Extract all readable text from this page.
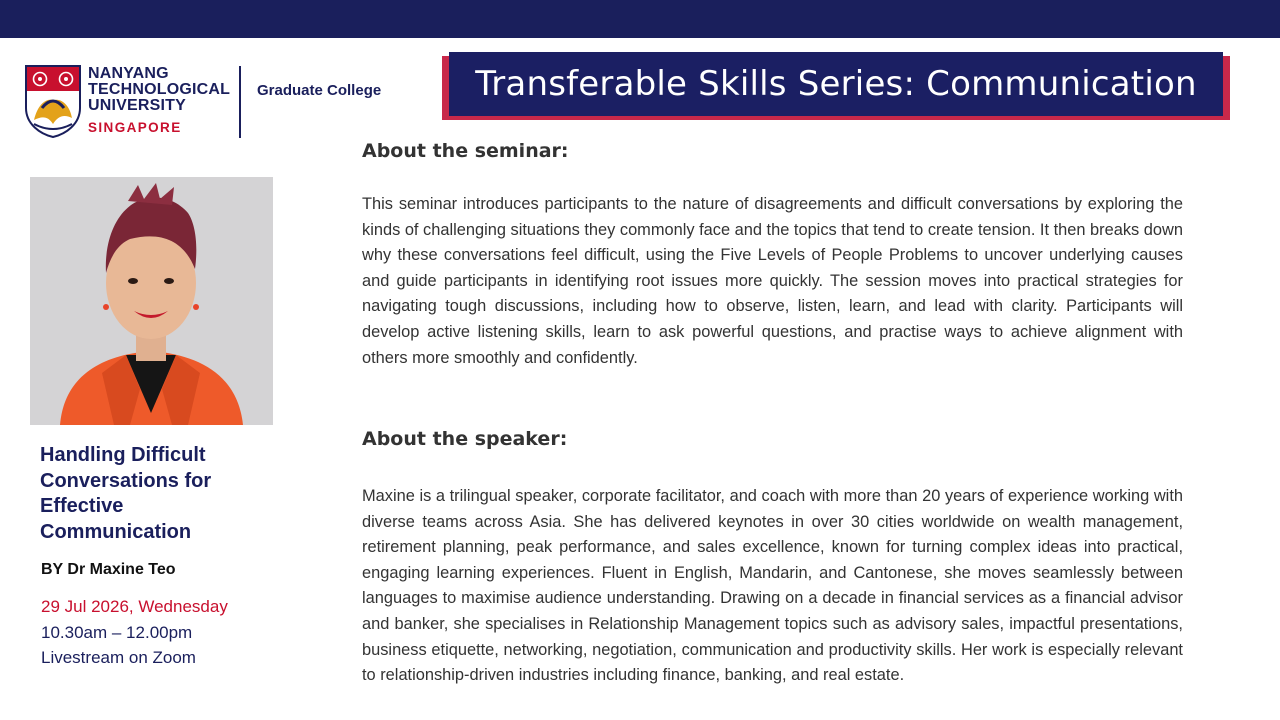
NANYANG
TECHNOLOGICAL
UNIVERSITY
SINGAPORE
Graduate College	Transferable Skills Series: Communication
Handling Difficult
Conversations for
Effective
Communication
BY Dr Maxine Teo
29 Jul 2026, Wednesday
10.30am – 12.00pm
Livestream on Zoom
About the seminar:
This seminar introduces participants to the nature of disagreements and difficult conversations by exploring the kinds of challenging situations they commonly face and the topics that tend to create tension. It then breaks down why these conversations feel difficult, using the Five Levels of People Problems to uncover underlying causes and guide participants in identifying root issues more quickly. The session moves into practical strategies for navigating tough discussions, including how to observe, listen, learn, and lead with clarity. Participants will develop active listening skills, learn to ask powerful questions, and practise ways to achieve alignment with others more smoothly and confidently.
About the speaker:
Maxine is a trilingual speaker, corporate facilitator, and coach with more than 20 years of experience working with diverse teams across Asia. She has delivered keynotes in over 30 cities worldwide on wealth management, retirement planning, peak performance, and sales excellence, known for turning complex ideas into practical, engaging learning experiences. Fluent in English, Mandarin, and Cantonese, she moves seamlessly between languages to maximise audience understanding. Drawing on a decade in financial services as a financial advisor and banker, she specialises in Relationship Management topics such as advisory sales, impactful presentations, business etiquette, networking, negotiation, communication and productivity skills. Her work is especially relevant to relationship-driven industries including finance, banking, and real estate.
